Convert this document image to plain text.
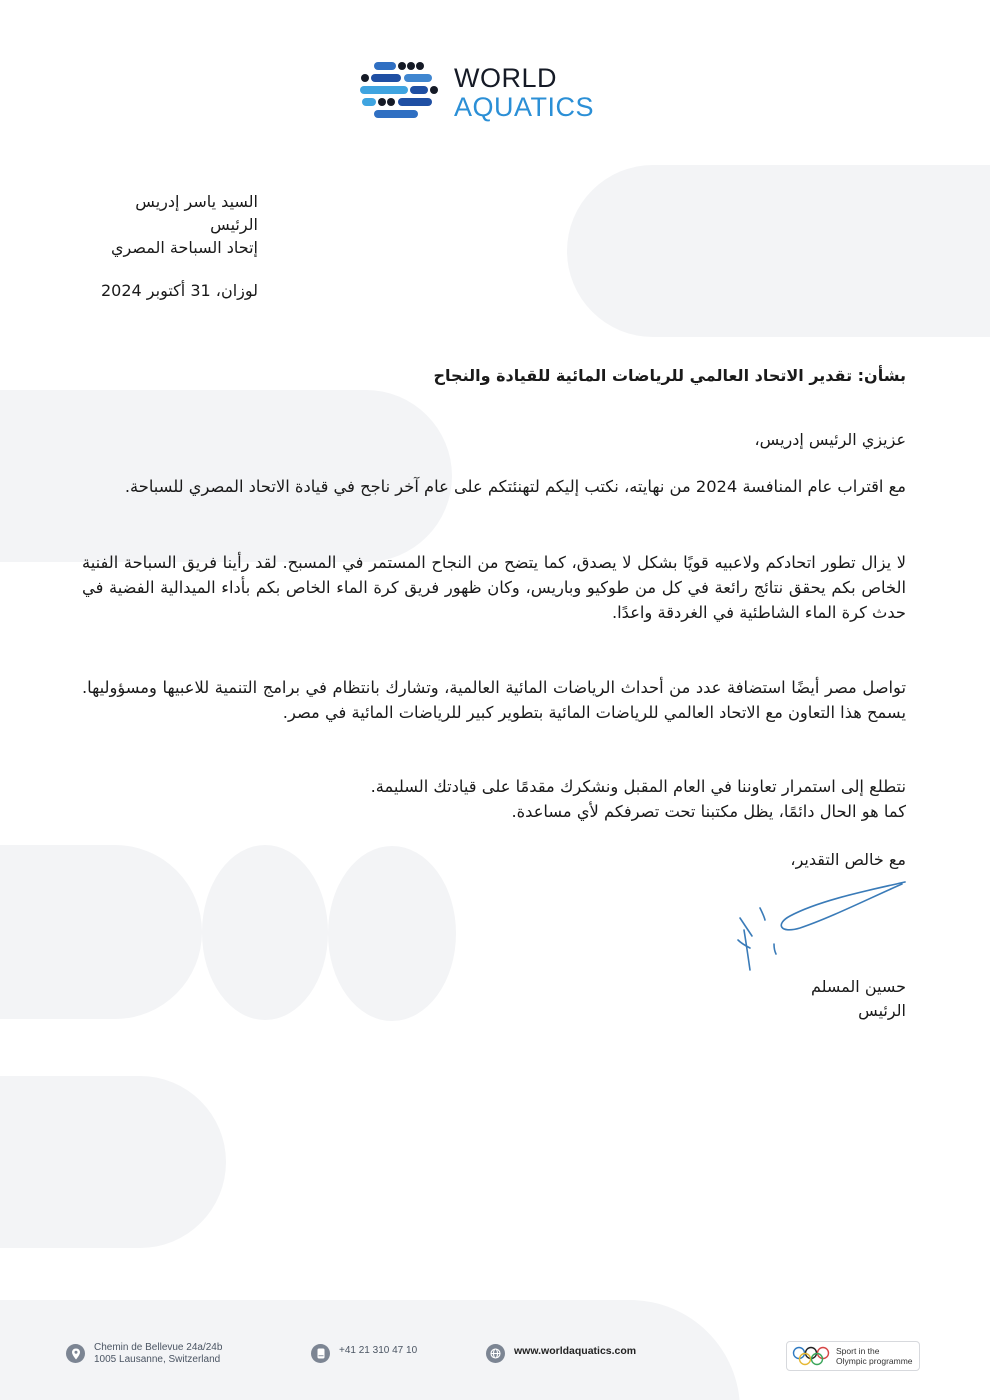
WORLD
AQUATICS
السيد ياسر إدريس
الرئيس
إتحاد السباحة المصري
لوزان، 31 أكتوبر 2024
بشأن: تقدير الاتحاد العالمي للرياضات المائية للقيادة والنجاح
عزيزي الرئيس إدريس،

مع اقتراب عام المنافسة 2024 من نهايته، نكتب إليكم لتهنئتكم على عام آخر ناجح في قيادة الاتحاد المصري للسباحة.

لا يزال تطور اتحادكم ولاعبيه قويًا بشكل لا يصدق، كما يتضح من النجاح المستمر في المسبح. لقد رأينا فريق السباحة الفنية الخاص بكم يحقق نتائج رائعة في كل من طوكيو وباريس، وكان ظهور فريق كرة الماء الخاص بكم بأداء الميدالية الفضية في حدث كرة الماء الشاطئية في الغردقة واعدًا.

تواصل مصر أيضًا استضافة عدد من أحداث الرياضات المائية العالمية، وتشارك بانتظام في برامج التنمية للاعبيها ومسؤوليها. يسمح هذا التعاون مع الاتحاد العالمي للرياضات المائية بتطوير كبير للرياضات المائية في مصر.

نتطلع إلى استمرار تعاوننا في العام المقبل ونشكرك مقدمًا على قيادتك السليمة.
كما هو الحال دائمًا، يظل مكتبنا تحت تصرفكم لأي مساعدة.
مع خالص التقدير،
حسين المسلم
الرئيس
Chemin de Bellevue 24a/24b
1005 Lausanne, Switzerland
+41 21 310 47 10	www.worldaquatics.com	Sport in the
Olympic programme
